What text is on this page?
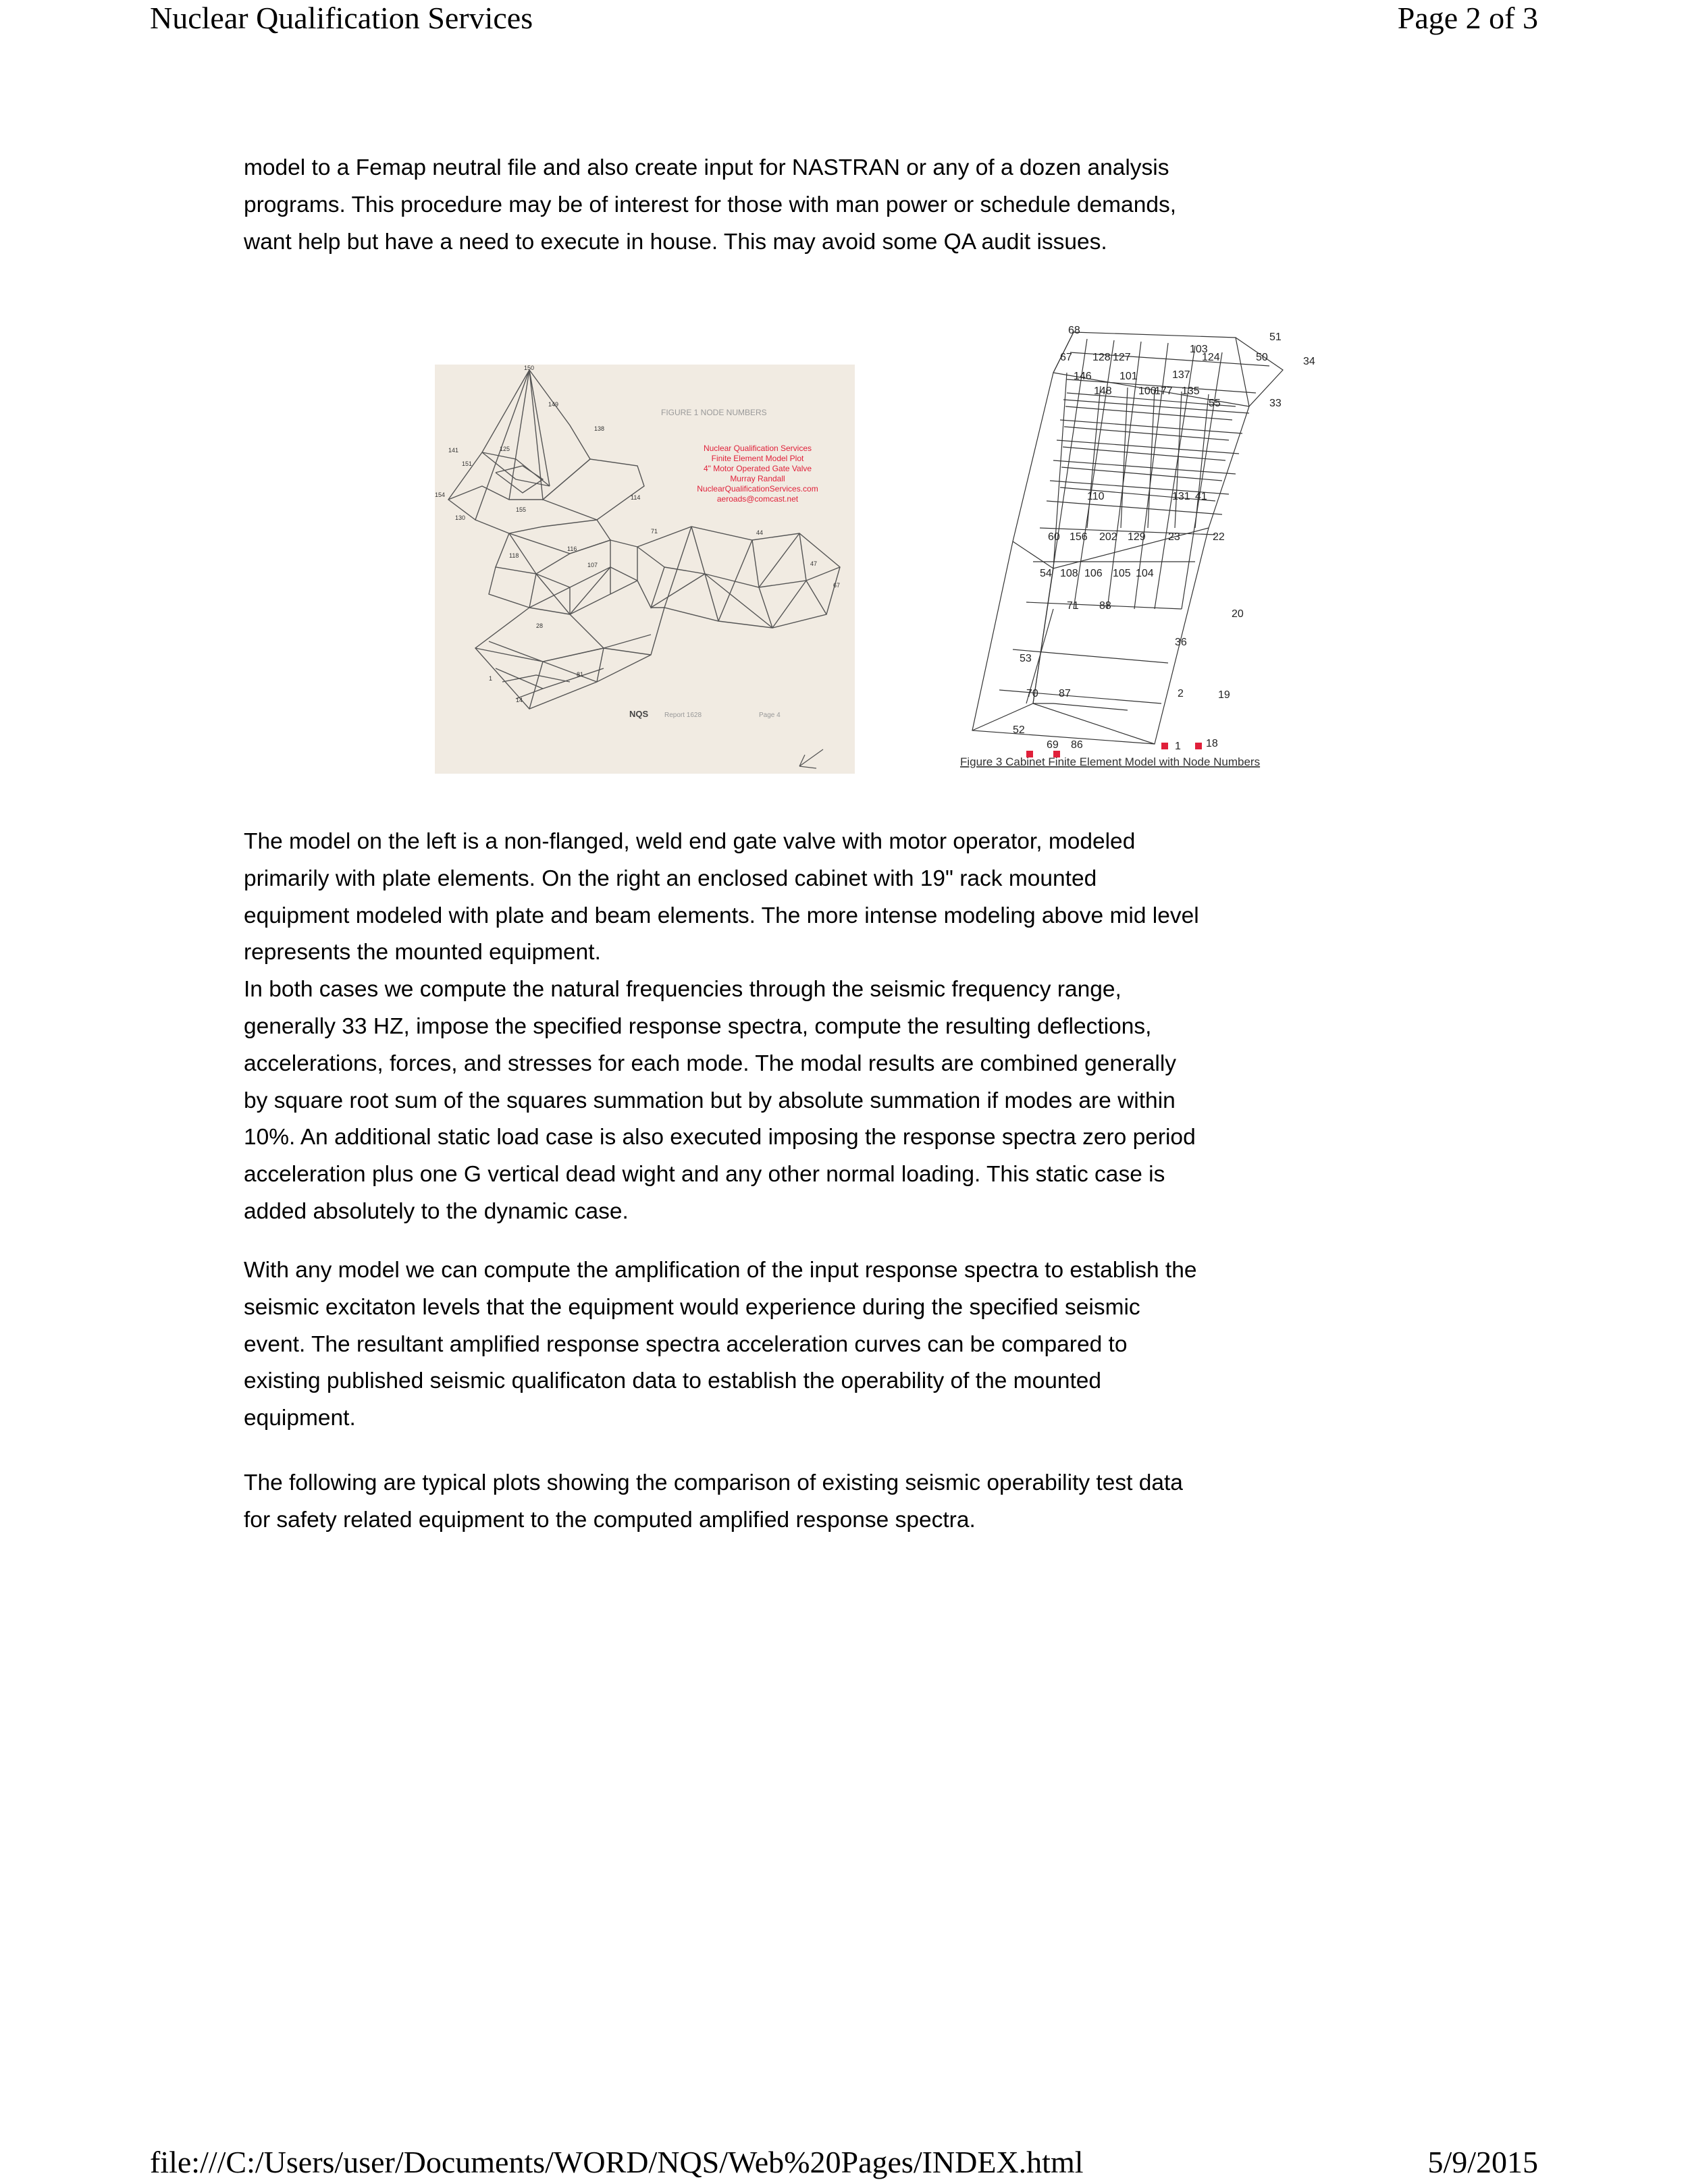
Nuclear Qualification Services	Page 2 of 3

model to a Femap neutral file and also create input for NASTRAN or any of a dozen analysis programs. This procedure may be of interest for those with man power or schedule demands, want help but have a need to execute in house. This may avoid some QA audit issues.

150
149
138
141	125
151
154
130
155
118
116
107
114
71
28
44
47
67
1
14
81
FIGURE 1 NODE NUMBERS
Nuclear Qualification Services
Finite Element Model Plot
4" Motor Operated Gate Valve
Murray Randall
NuclearQualificationServices.com
aeroads@comcast.net
NQS Report 1628	Page 4
68
51
103
67 128 127	124	50	34
101	137
146
148 100
177 135
55	33
110	131 41
60 156 202 129 23	22
54 108 106 105 104
71 88
20
36
53
70 87	2	19
52
69 86	1 18
Figure 3 Cabinet Finite Element Model with Node Numbers
The model on the left is a non-flanged, weld end gate valve with motor operator, modeled primarily with plate elements. On the right an enclosed cabinet with 19" rack mounted equipment modeled with plate and beam elements. The more intense modeling above mid level represents the mounted equipment.
In both cases we compute the natural frequencies through the seismic frequency range, generally 33 HZ, impose the specified response spectra, compute the resulting deflections, accelerations, forces, and stresses for each mode. The modal results are combined generally by square root sum of the squares summation but by absolute summation if modes are within 10%. An additional static load case is also executed imposing the response spectra zero period acceleration plus one G vertical dead wight and any other normal loading. This static case is added absolutely to the dynamic case.

With any model we can compute the amplification of the input response spectra to establish the seismic excitaton levels that the equipment would experience during the specified seismic event. The resultant amplified response spectra acceleration curves can be compared to existing published seismic qualificaton data to establish the operability of the mounted equipment.

The following are typical plots showing the comparison of existing seismic operability test data for safety related equipment to the computed amplified response spectra.

file:///C:/Users/user/Documents/WORD/NQS/Web%20Pages/INDEX.html	5/9/2015
